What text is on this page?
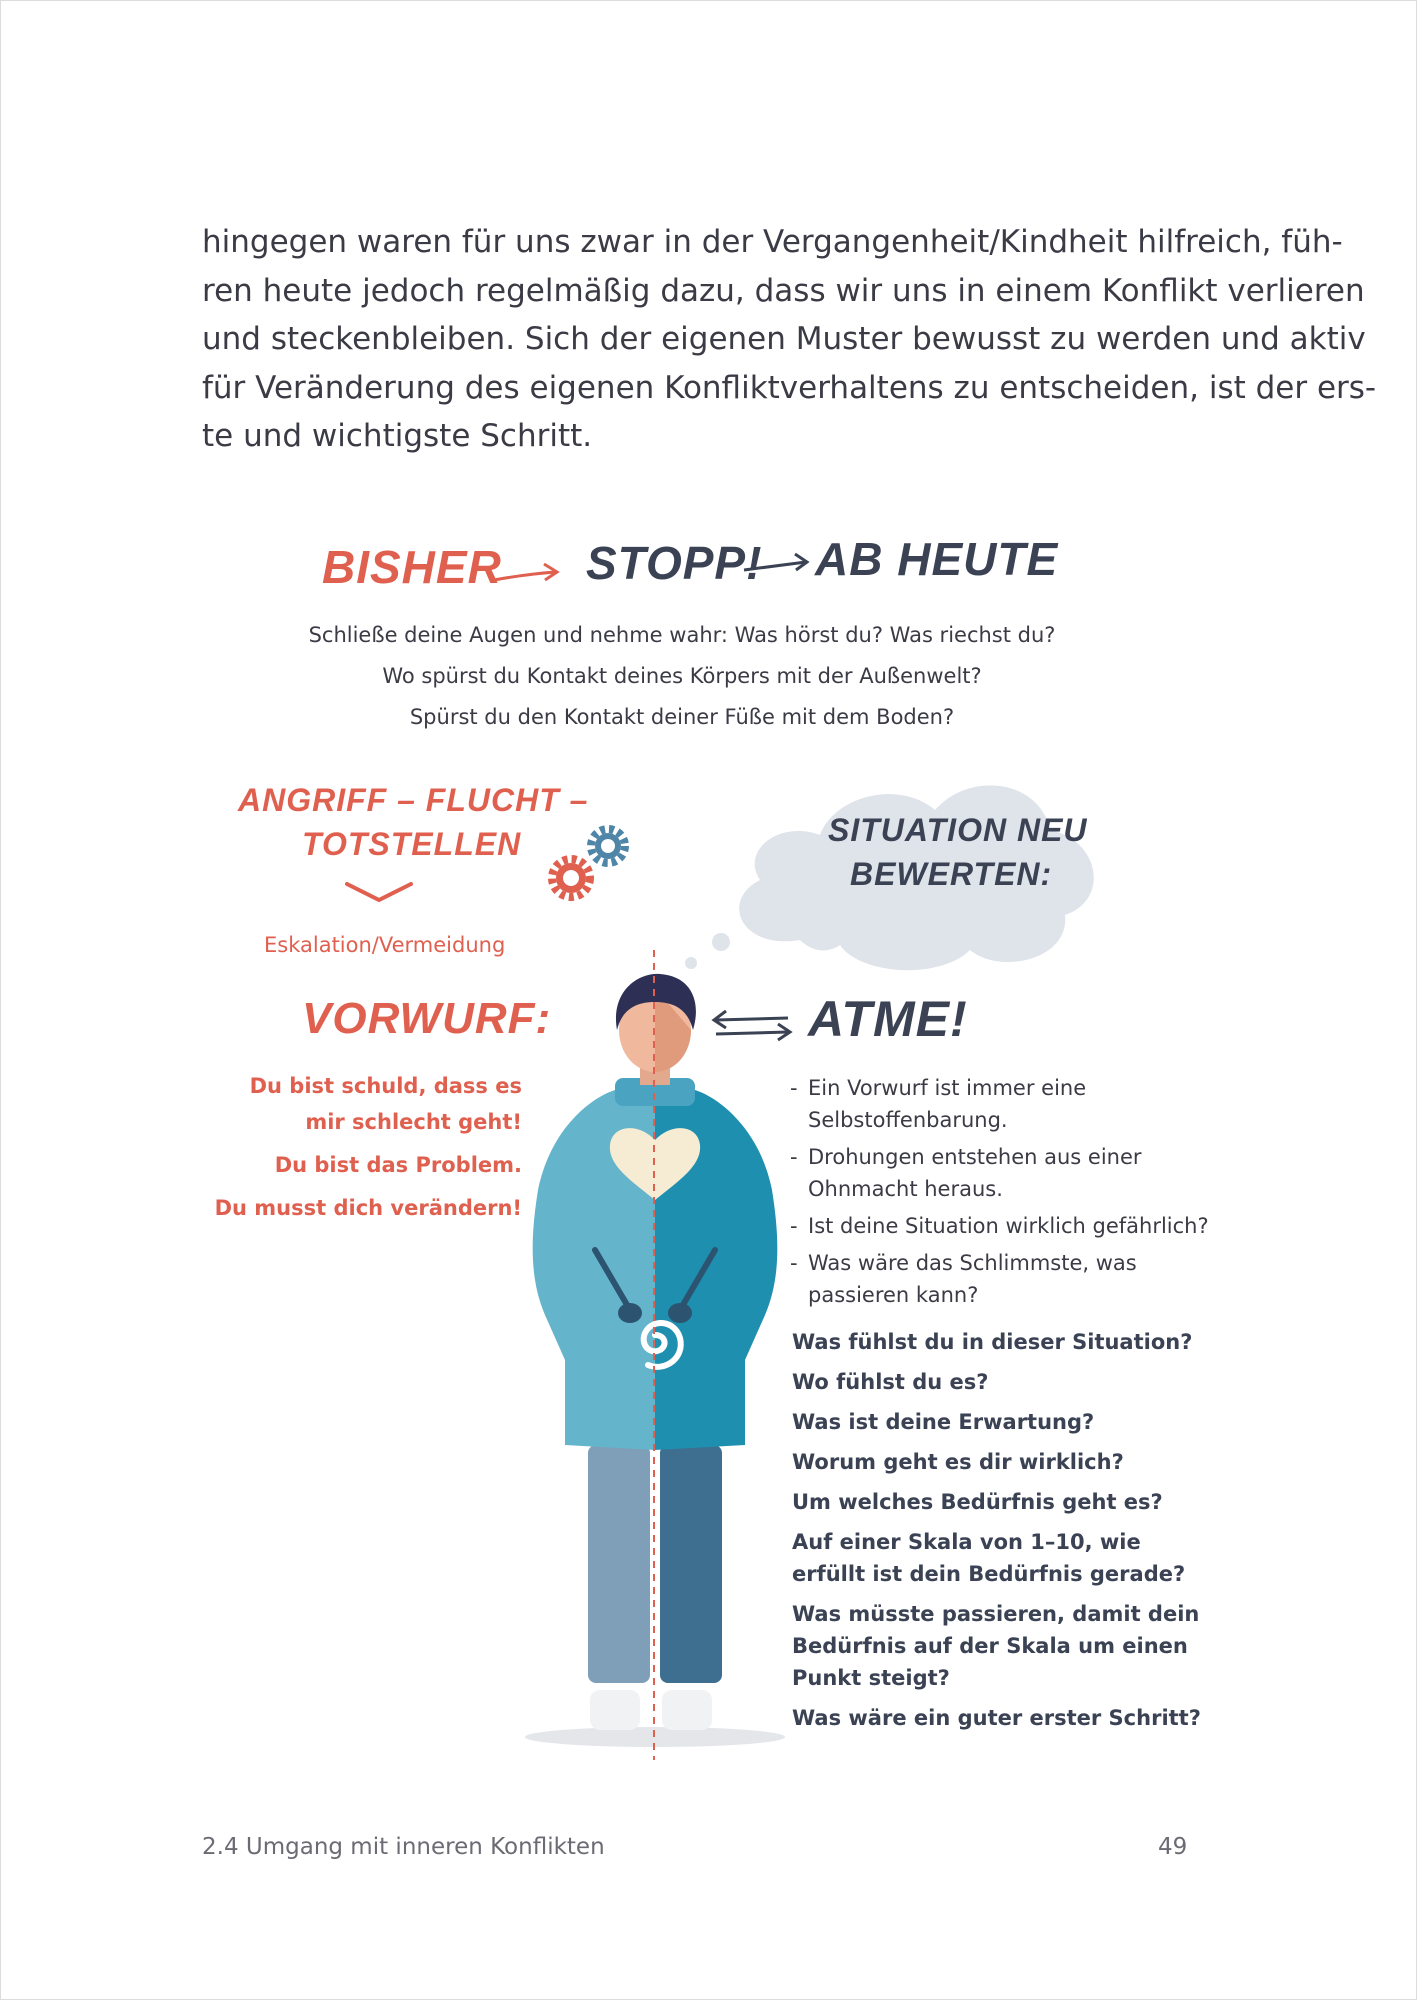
hingegen waren für uns zwar in der Vergangenheit/Kindheit hilfreich, füh-
ren heute jedoch regelmäßig dazu, dass wir uns in einem Konflikt verlieren
und steckenbleiben. Sich der eigenen Muster bewusst zu werden und aktiv
für Veränderung des eigenen Konfliktverhaltens zu entscheiden, ist der ers-
te und wichtigste Schritt.

BISHER STOPP! AB HEUTE
Schließe deine Augen und nehme wahr: Was hörst du? Was riechst du?
Wo spürst du Kontakt deines Körpers mit der Außenwelt?
Spürst du den Kontakt deiner Füße mit dem Boden?
ANGRIFF – FLUCHT –
TOTSTELLEN
Eskalation/Vermeidung
VORWURF:
Du bist schuld, dass es
mir schlecht geht!
Du bist das Problem.
Du musst dich verändern!
SITUATION NEU
BEWERTEN:
ATME!
- Ein Vorwurf ist immer eine
Selbstoffenbarung.
- Drohungen entstehen aus einer
Ohnmacht heraus.
- Ist deine Situation wirklich gefährlich?
- Was wäre das Schlimmste, was
passieren kann?
Was fühlst du in dieser Situation?
Wo fühlst du es?
Was ist deine Erwartung?
Worum geht es dir wirklich?
Um welches Bedürfnis geht es?
Auf einer Skala von 1–10, wie
erfüllt ist dein Bedürfnis gerade?
Was müsste passieren, damit dein
Bedürfnis auf der Skala um einen
Punkt steigt?
Was wäre ein guter erster Schritt?
2.4 Umgang mit inneren Konflikten	49
